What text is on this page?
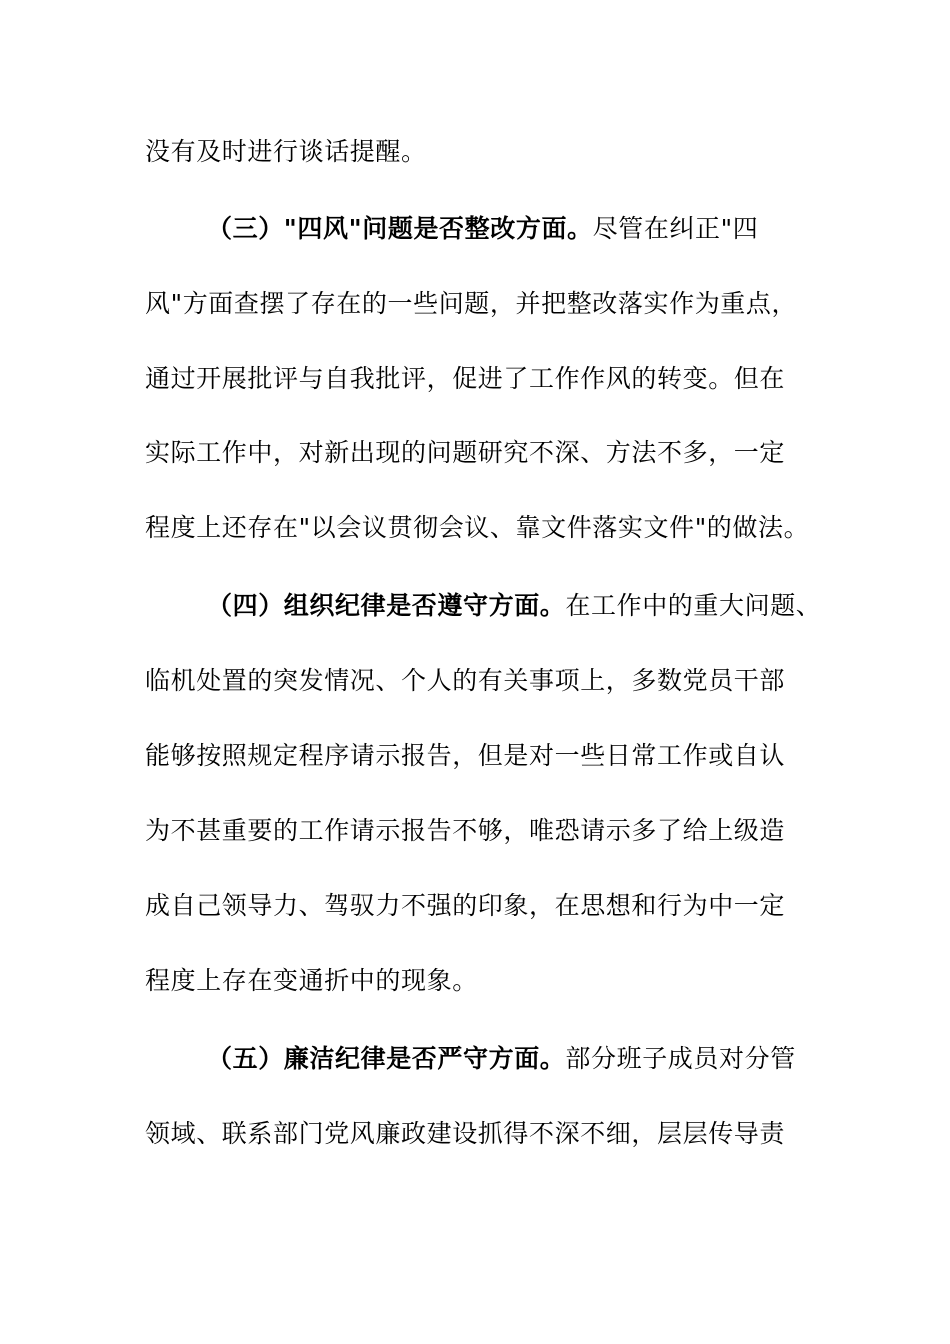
没有及时进行谈话提醒。
（三）"四风"问题是否整改方面。尽管在纠正"四
风"方面查摆了存在的一些问题，并把整改落实作为重点，
通过开展批评与自我批评，促进了工作作风的转变。但在
实际工作中，对新出现的问题研究不深、方法不多，一定
程度上还存在"以会议贯彻会议、靠文件落实文件"的做法。
（四）组织纪律是否遵守方面。在工作中的重大问题、
临机处置的突发情况、个人的有关事项上，多数党员干部
能够按照规定程序请示报告，但是对一些日常工作或自认
为不甚重要的工作请示报告不够，唯恐请示多了给上级造
成自己领导力、驾驭力不强的印象，在思想和行为中一定
程度上存在变通折中的现象。
（五）廉洁纪律是否严守方面。部分班子成员对分管
领域、联系部门党风廉政建设抓得不深不细，层层传导责
